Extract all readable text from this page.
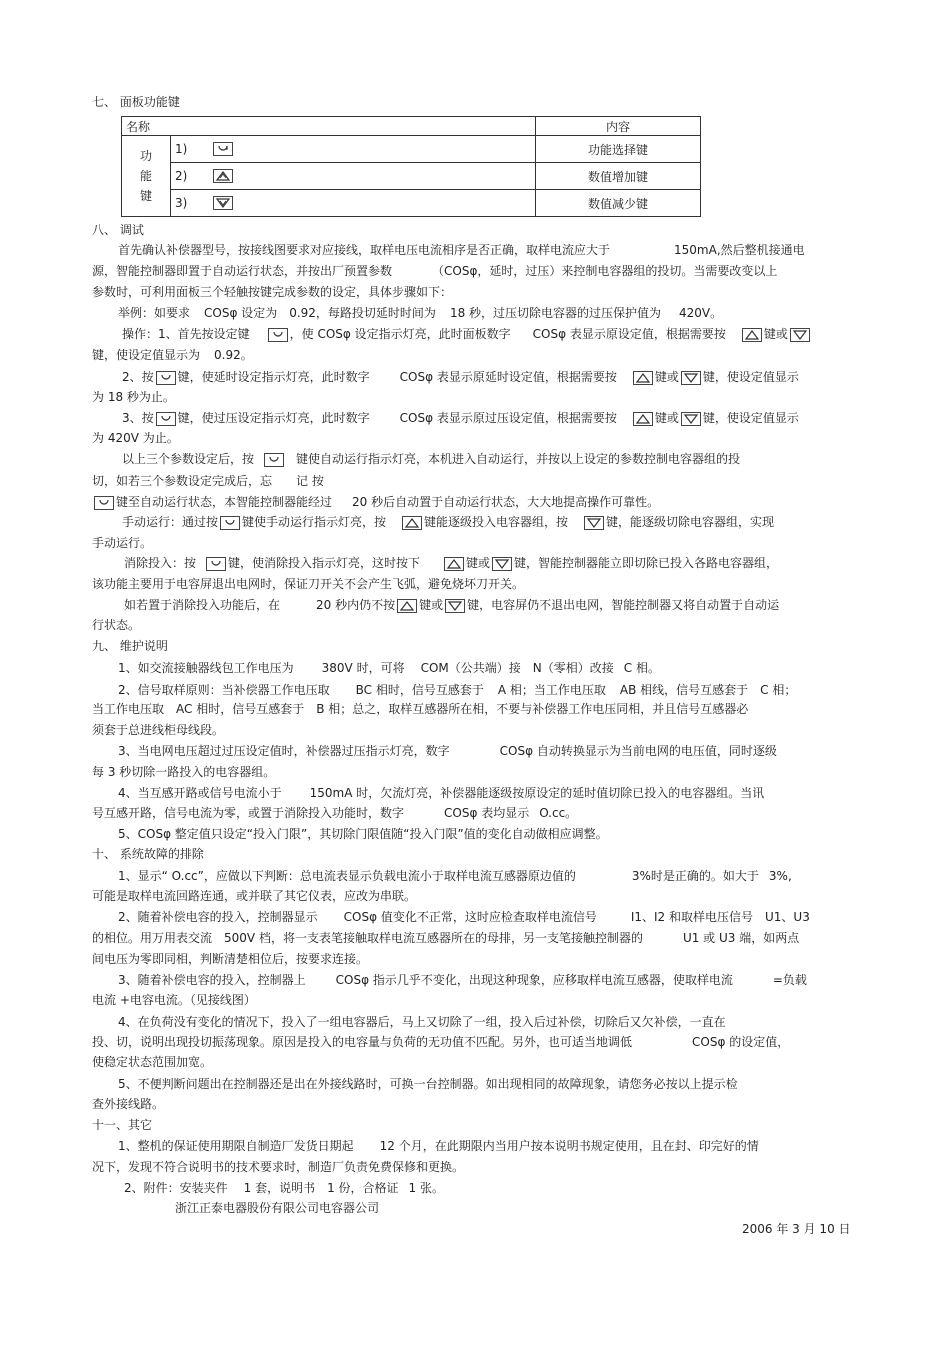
七、 面板功能键
名称			内容
功
能
键	1)		功能选择键
	2)		数值增加键
	3)		数值减少键
八、 调试
首先确认补偿器型号，按接线图要求对应接线，取样电压电流相序是否正确，取样电流应大于	150mA,然后整机接通电
源，智能控制器即置于自动运行状态，并按出厂预置参数	（COSφ，延时，过压）来控制电容器组的投切。当需要改变以上
参数时，可利用面板三个轻触按键完成参数的设定，具体步骤如下：
举例：如要求 COSφ 设定为 0.92，每路投切延时时间为 18 秒，过压切除电容器的过压保护值为 420V。
操作：1、首先按设定键	，使 COSφ 设定指示灯亮，此时面板数字 COSφ 表显示原设定值，根据需要按	键或
键，使设定值显示为 0.92。
2、按 键，使延时设定指示灯亮，此时数字	COSφ 表显示原延时设定值，根据需要按	键或 键，使设定值显示
为 18 秒为止。
3、按 键，使过压设定指示灯亮，此时数字	COSφ 表显示原过压设定值，根据需要按	键或 键，使设定值显示
为 420V 为止。
以上三个参数设定后，按	键使自动运行指示灯亮，本机进入自动运行，并按以上设定的参数控制电容器组的投
切，如若三个参数设定完成后，忘 记 按
键至自动运行状态，本智能控制器能经过 20 秒后自动置于自动运行状态，大大地提高操作可靠性。
手动运行：通过按 键使手动运行指示灯亮，按	键能逐级投入电容器组，按	键，能逐级切除电容器组，实现
手动运行。
消除投入：按	键，使消除投入指示灯亮，这时按下	键或 键，智能控制器能立即切除已投入各路电容器组，
该功能主要用于电容屏退出电网时，保证刀开关不会产生飞弧，避免烧坏刀开关。
如若置于消除投入功能后，在	20 秒内仍不按 键或 键，电容屏仍不退出电网，智能控制器又将自动置于自动运
行状态。
九、 维护说明
1、如交流接触器线包工作电压为 380V 时，可将 COM（公共端）接 N（零相）改接 C 相。
2、信号取样原则：当补偿器工作电压取 BC 相时，信号互感套于 A 相；当工作电压取 AB 相线，信号互感套于 C 相；
当工作电压取 AC 相时，信号互感套于 B 相；总之，取样互感器所在相，不要与补偿器工作电压同相，并且信号互感器必
须套于总进线柜母线段。
3、当电网电压超过过压设定值时，补偿器过压指示灯亮，数字	COSφ 自动转换显示为当前电网的电压值，同时逐级
每 3 秒切除一路投入的电容器组。
4、当互感开路或信号电流小于 150mA 时，欠流灯亮，补偿器能逐级按原设定的延时值切除已投入的电容器组。当讯
号互感开路，信号电流为零，或置于消除投入功能时，数字	COSφ 表均显示 O.cc。
5、COSφ 整定值只设定“投入门限”，其切除门限值随“投入门限”值的变化自动做相应调整。
十、 系统故障的排除
1、显示“ O.cc”，应做以下判断：总电流表显示负载电流小于取样电流互感器原边值的	3%时是正确的。如大于 3%,
可能是取样电流回路连通，或并联了其它仪表，应改为串联。
2、随着补偿电容的投入，控制器显示 COSφ 值变化不正常，这时应检查取样电流信号	I1、I2 和取样电压信号 U1、U3
的相位。用万用表交流 500V 档，将一支表笔接触取样电流互感器所在的母排，另一支笔接触控制器的	U1 或 U3 端，如两点
间电压为零即同相，判断清楚相位后，按要求连接。
3、随着补偿电容的投入，控制器上	COSφ 指示几乎不变化，出现这种现象，应移取样电流互感器，使取样电流	=负载
电流 +电容电流。（见接线图）
4、在负荷没有变化的情况下，投入了一组电容器后，马上又切除了一组，投入后过补偿，切除后又欠补偿，一直在
投、切，说明出现投切振荡现象。原因是投入的电容量与负荷的无功值不匹配。另外，也可适当地调低	COSφ 的设定值，
使稳定状态范围加宽。
5、不便判断问题出在控制器还是出在外接线路时，可换一台控制器。如出现相同的故障现象，请您务必按以上提示检
查外接线路。
十一、其它
1、整机的保证使用期限自制造厂发货日期起 12 个月，在此期限内当用户按本说明书规定使用，且在封、印完好的情
况下，发现不符合说明书的技术要求时，制造厂负责免费保修和更换。
2、附件：安装夹件 1 套，说明书 1 份，合格证 1 张。
浙江正泰电器股份有限公司电容器公司
2006 年 3 月 10 日
